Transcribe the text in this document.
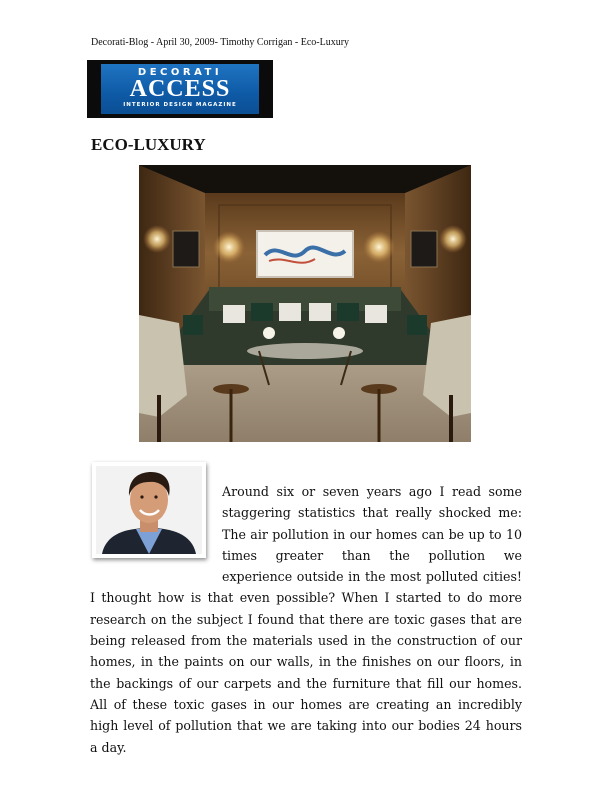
Decorati-Blog - April 30, 2009- Timothy Corrigan - Eco-Luxury
DECORATI
ACCESS
INTERIOR DESIGN MAGAZINE
ECO-LUXURY
Around six or seven years ago I read some staggering statistics that really shocked me: The air pollution in our homes can be up to 10 times greater than the pollution we experience outside in the most polluted cities! I thought how is that even possible? When I started to do more research on the subject I found that there are toxic gases that are being released from the materials used in the construction of our homes, in the paints on our walls, in the finishes on our floors, in the backings of our carpets and the furniture that fill our homes. All of these toxic gases in our homes are creating an incredibly high level of pollution that we are taking into our bodies 24 hours a day.
